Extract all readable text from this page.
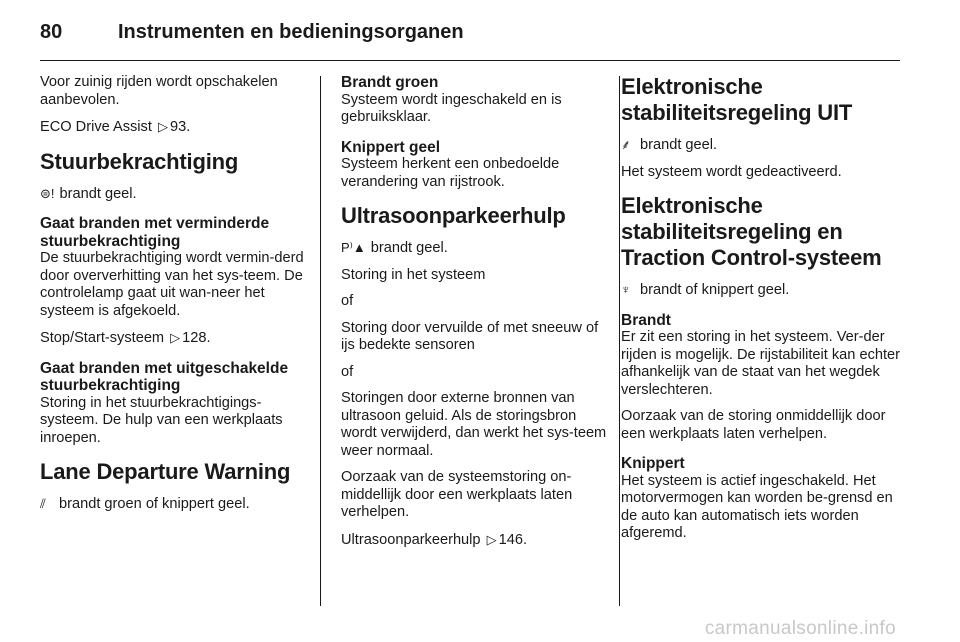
80	Instrumenten en bedieningsorganen

Voor zuinig rijden wordt opschakelen aanbevolen.

ECO Drive Assist ▷ 93.

Stuurbekrachtiging

⊜! brandt geel.

Gaat branden met verminderde stuurbekrachtiging

De stuurbekrachtiging wordt vermin-derd door oververhitting van het sys-teem. De controlelamp gaat uit wan-neer het systeem is afgekoeld.

Stop/Start-systeem ▷ 128.

Gaat branden met uitgeschakelde stuurbekrachtiging

Storing in het stuurbekrachtigings-systeem. De hulp van een werkplaats inroepen.

Lane Departure Warning

⫽ brandt groen of knippert geel.

Brandt groen

Systeem wordt ingeschakeld en is gebruiksklaar.

Knippert geel

Systeem herkent een onbedoelde verandering van rijstrook.

Ultrasoonparkeerhulp

P⁾▲ brandt geel.

Storing in het systeem

of

Storing door vervuilde of met sneeuw of ijs bedekte sensoren

of

Storingen door externe bronnen van ultrasoon geluid. Als de storingsbron wordt verwijderd, dan werkt het sys-teem weer normaal.

Oorzaak van de systeemstoring on-middellijk door een werkplaats laten verhelpen.

Ultrasoonparkeerhulp ▷ 146.

Elektronische stabiliteitsregeling UIT

⸙ brandt geel.

Het systeem wordt gedeactiveerd.

Elektronische stabiliteitsregeling en Traction Control-systeem

♆ brandt of knippert geel.

Brandt

Er zit een storing in het systeem. Ver-der rijden is mogelijk. De rijstabiliteit kan echter afhankelijk van de staat van het wegdek verslechteren.

Oorzaak van de storing onmiddellijk door een werkplaats laten verhelpen.

Knippert

Het systeem is actief ingeschakeld. Het motorvermogen kan worden be-grensd en de auto kan automatisch iets worden afgeremd.

carmanualsonline.info
